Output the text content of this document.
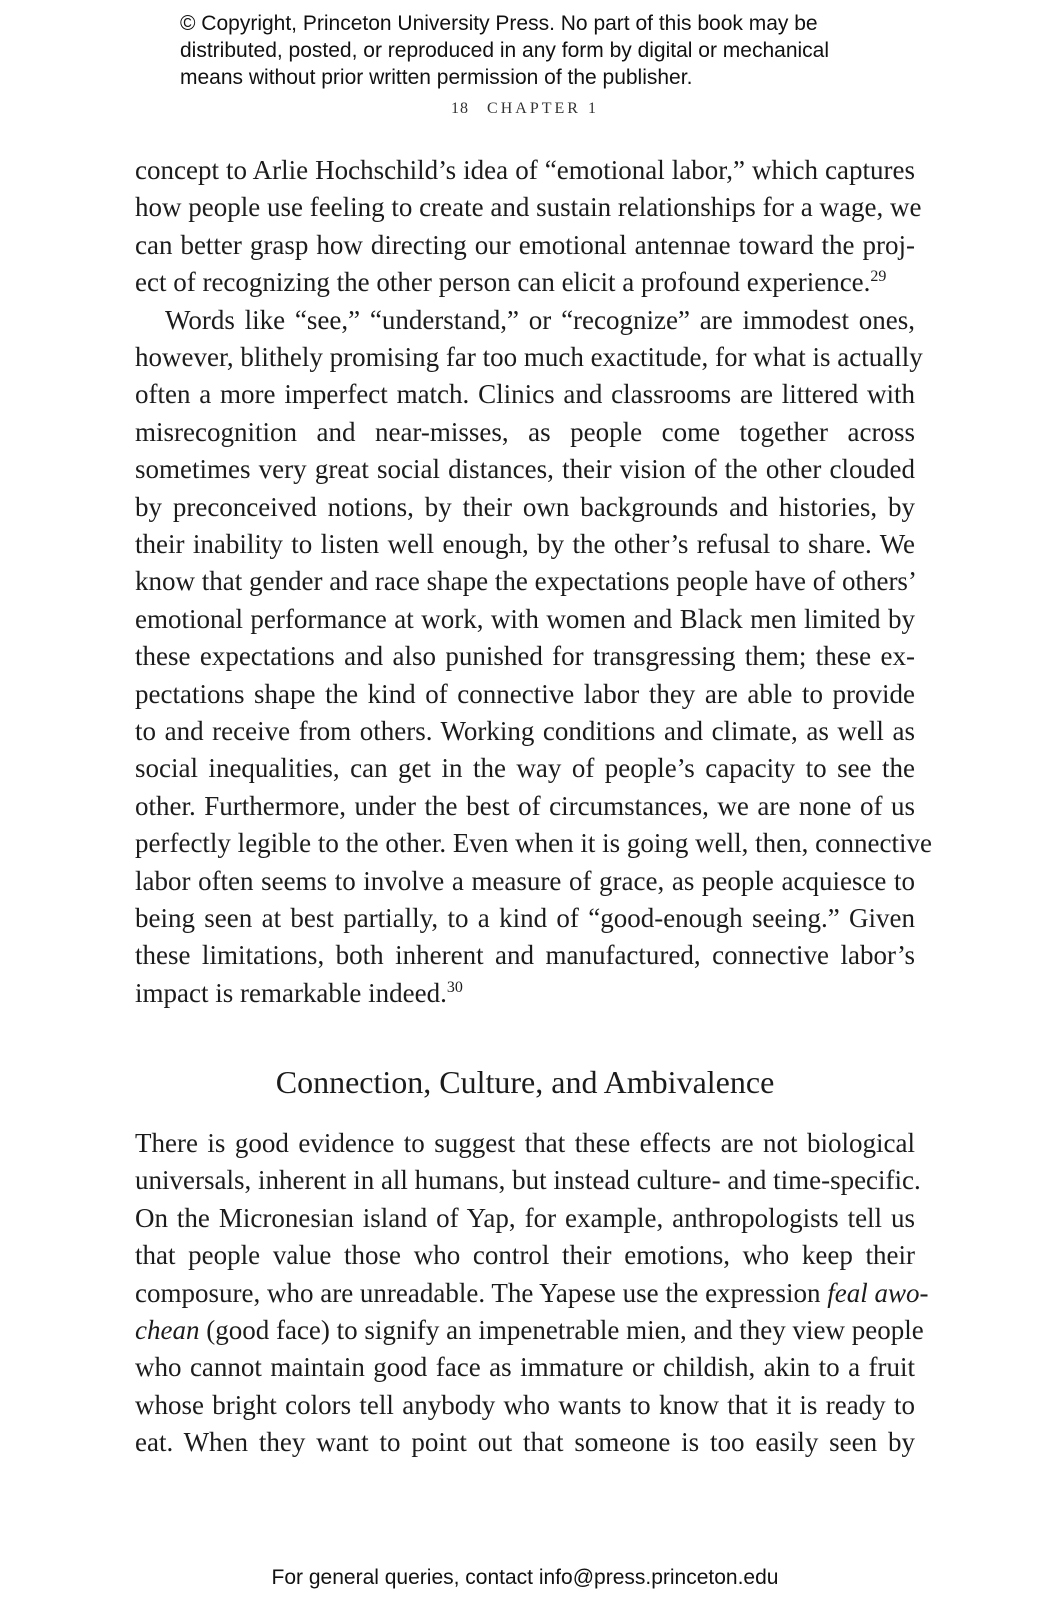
© Copyright, Princeton University Press. No part of this book may be
distributed, posted, or reproduced in any form by digital or mechanical
means without prior written permission of the publisher.
18 CHAPTER 1
concept to Arlie Hochschild’s idea of “emotional labor,” which captures
how people use feeling to create and sustain relationships for a wage, we
can better grasp how directing our emotional antennae toward the proj-
ect of recognizing the other person can elicit a profound experience.$^{29}$
Words like “see,” “understand,” or “recognize” are immodest ones,
however, blithely promising far too much exactitude, for what is actually
often a more imperfect match. Clinics and classrooms are littered with
misrecognition and near-misses, as people come together across
sometimes very great social distances, their vision of the other clouded
by preconceived notions, by their own backgrounds and histories, by
their inability to listen well enough, by the other’s refusal to share. We
know that gender and race shape the expectations people have of others’
emotional performance at work, with women and Black men limited by
these expectations and also punished for transgressing them; these ex-
pectations shape the kind of connective labor they are able to provide
to and receive from others. Working conditions and climate, as well as
social inequalities, can get in the way of people’s capacity to see the
other. Furthermore, under the best of circumstances, we are none of us
perfectly legible to the other. Even when it is going well, then, connective
labor often seems to involve a measure of grace, as people acquiesce to
being seen at best partially, to a kind of “good-enough seeing.” Given
these limitations, both inherent and manufactured, connective labor’s
impact is remarkable indeed.$^{30}$
Connection, Culture, and Ambivalence
There is good evidence to suggest that these effects are not biological
universals, inherent in all humans, but instead culture- and time-specific.
On the Micronesian island of Yap, for example, anthropologists tell us
that people value those who control their emotions, who keep their
composure, who are unreadable. The Yapese use the expression feal awo-
chean (good face) to signify an impenetrable mien, and they view people
who cannot maintain good face as immature or childish, akin to a fruit
whose bright colors tell anybody who wants to know that it is ready to
eat. When they want to point out that someone is too easily seen by
For general queries, contact info@press.princeton.edu
